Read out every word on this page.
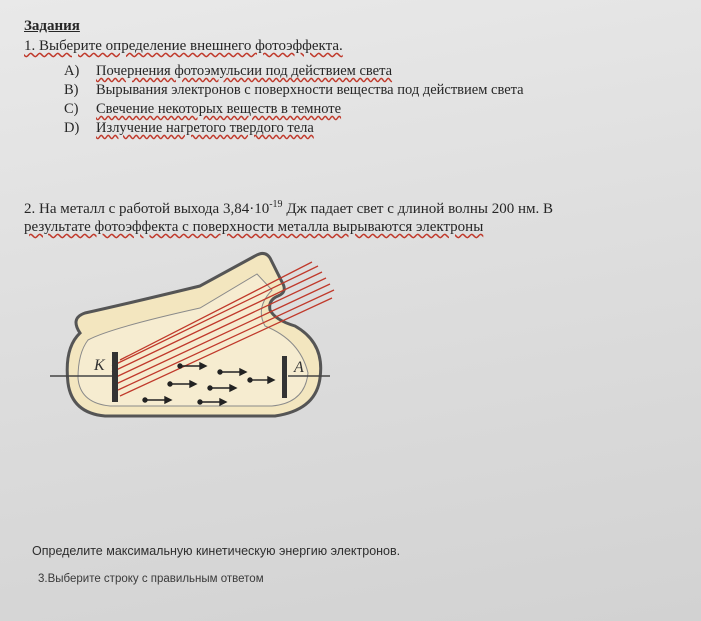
Задания
1. Выберите определение внешнего фотоэффекта.
A)	Почернения фотоэмульсии под действием света
B)	Вырывания электронов с поверхности вещества под действием света
C)	Свечение некоторых веществ в темноте
D)	Излучение нагретого твердого тела
2. На металл с работой выхода $3,84\cdot 10^{-19}$ Дж падает свет с длиной волны 200 нм. В
результате фотоэффекта с поверхности металла вырываются электроны
K	A
Определите максимальную кинетическую энергию электронов.
3.Выберите строку с правильным ответом
